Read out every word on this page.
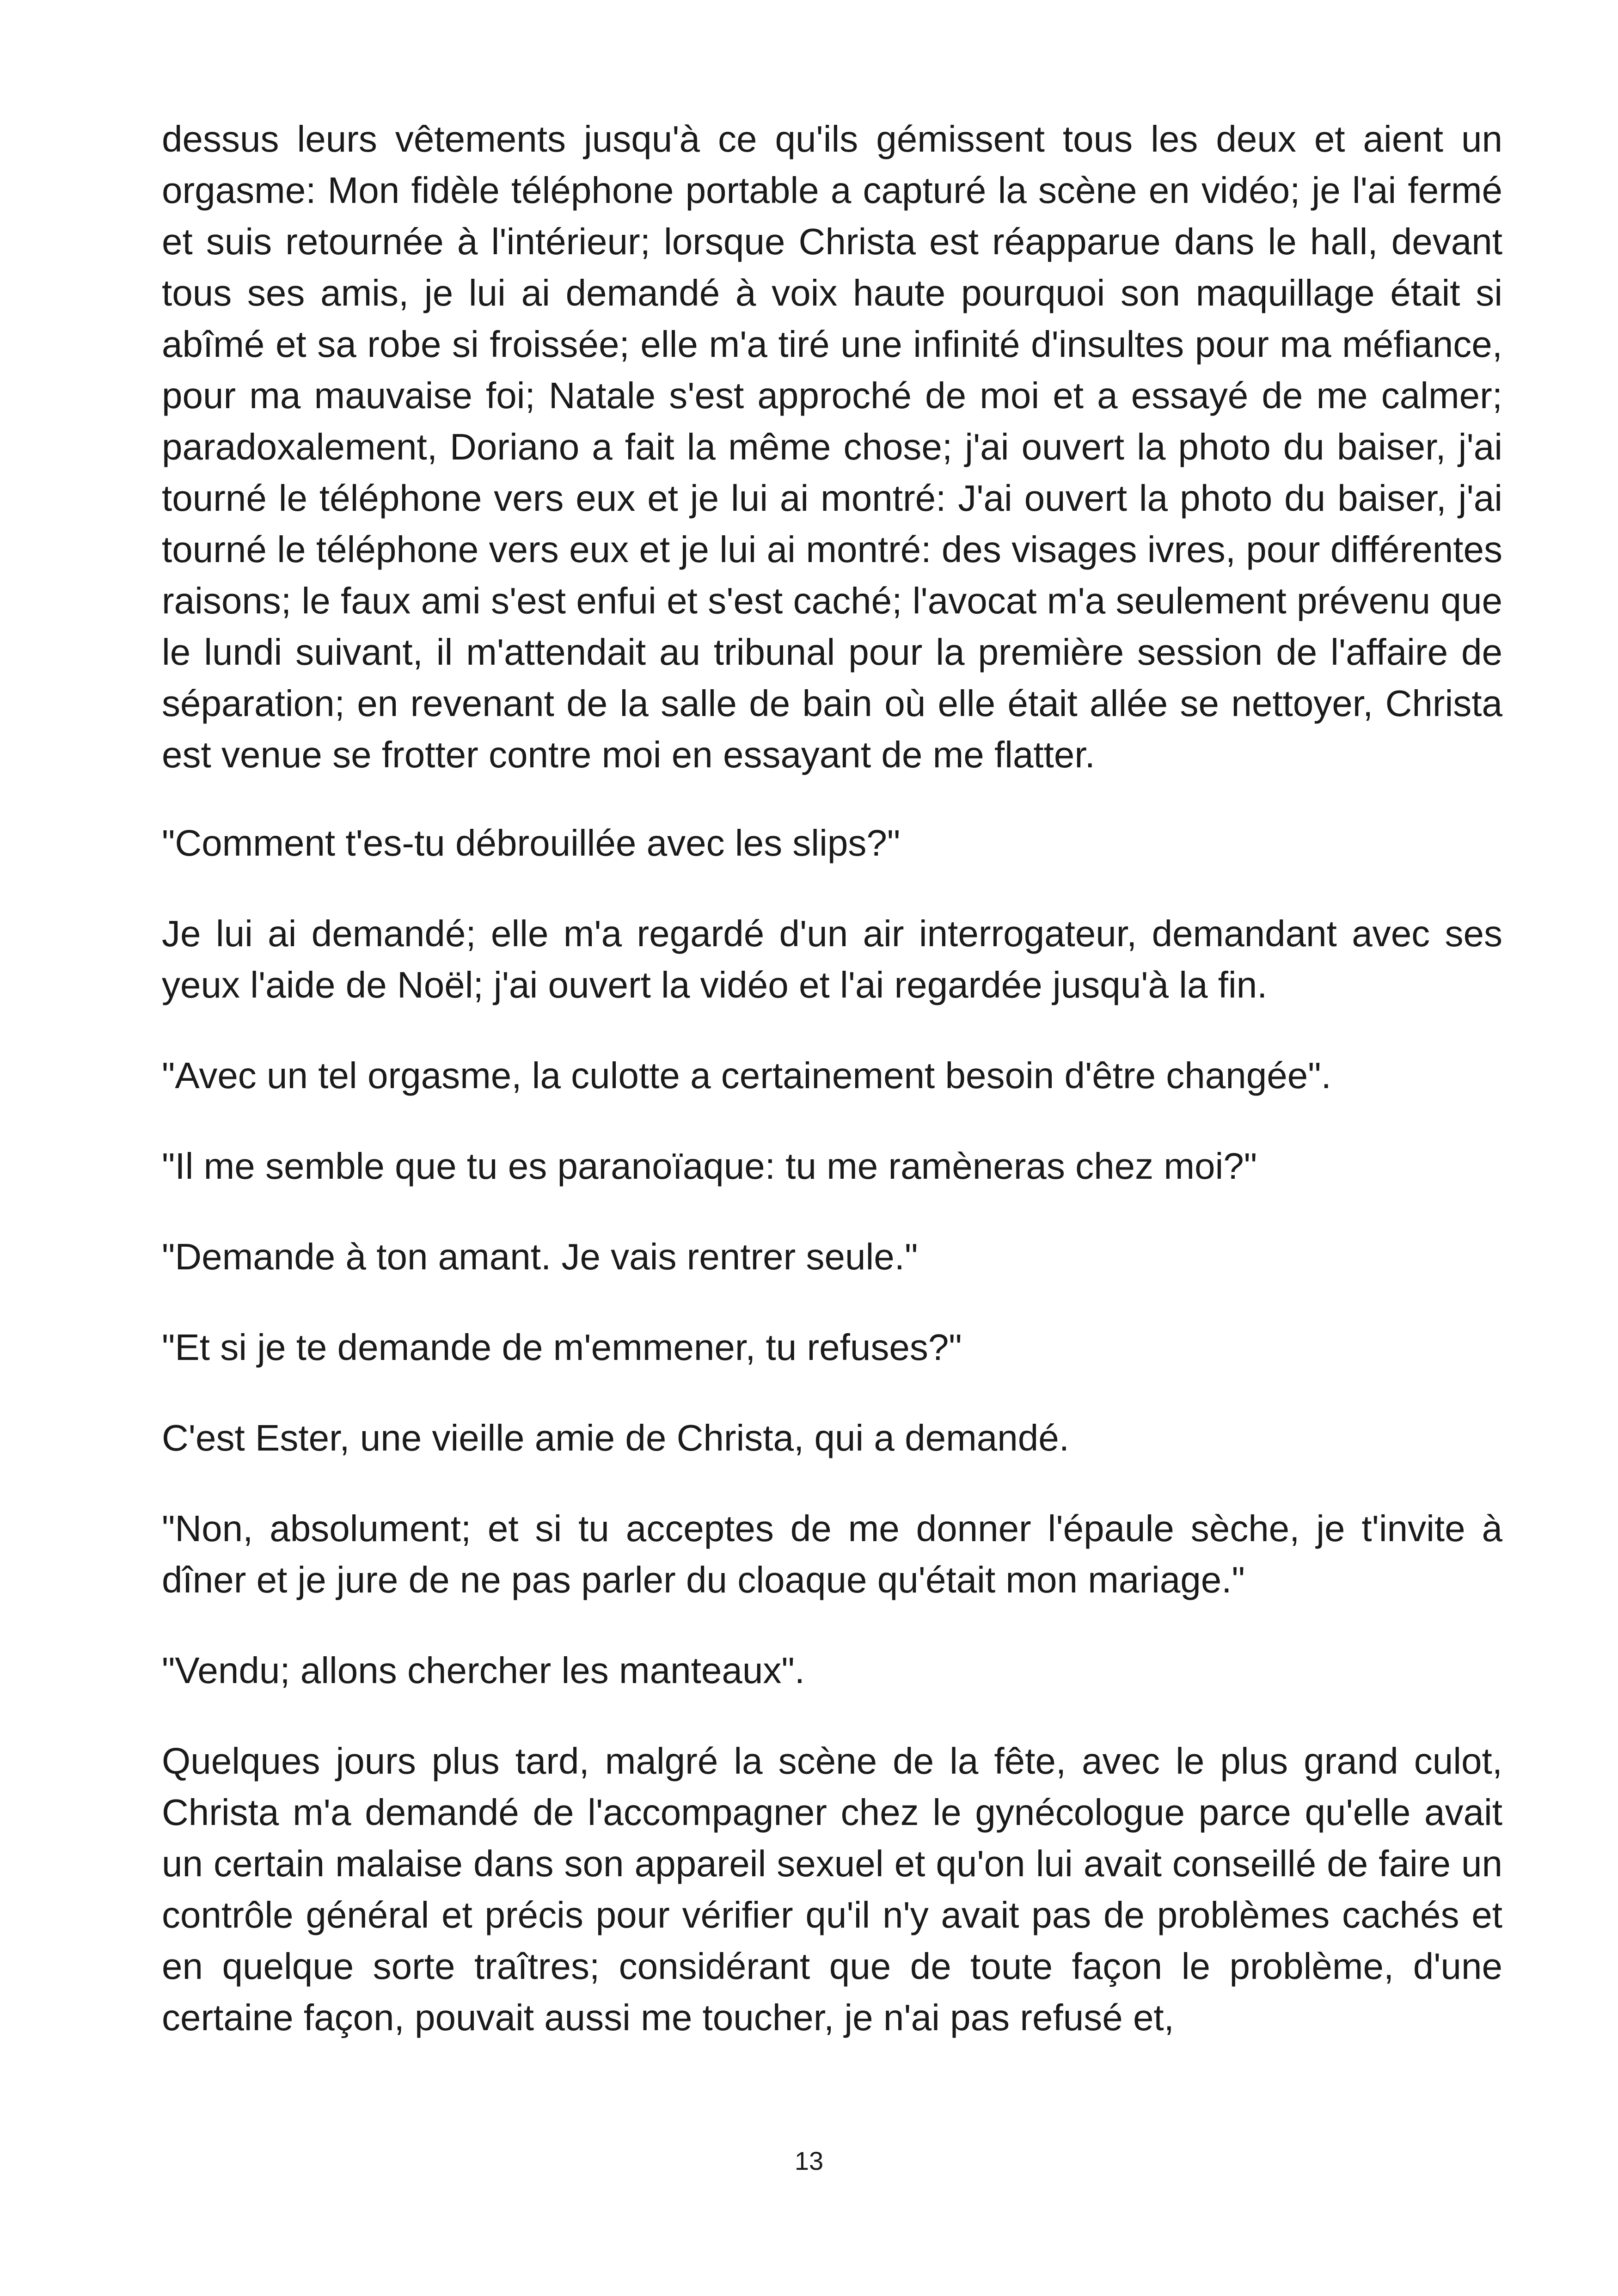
dessus leurs vêtements jusqu'à ce qu'ils gémissent tous les deux et aient un orgasme: Mon fidèle téléphone portable a capturé la scène en vidéo; je l'ai fermé et suis retournée à l'intérieur; lorsque Christa est réapparue dans le hall, devant tous ses amis, je lui ai demandé à voix haute pourquoi son maquillage était si abîmé et sa robe si froissée; elle m'a tiré une infinité d'insultes pour ma méfiance, pour ma mauvaise foi; Natale s'est approché de moi et a essayé de me calmer; paradoxalement, Doriano a fait la même chose; j'ai ouvert la photo du baiser, j'ai tourné le téléphone vers eux et je lui ai montré: J'ai ouvert la photo du baiser, j'ai tourné le téléphone vers eux et je lui ai montré: des visages ivres, pour différentes raisons; le faux ami s'est enfui et s'est caché; l'avocat m'a seulement prévenu que le lundi suivant, il m'attendait au tribunal pour la première session de l'affaire de séparation; en revenant de la salle de bain où elle était allée se nettoyer, Christa est venue se frotter contre moi en essayant de me flatter.

"Comment t'es-tu débrouillée avec les slips?"

Je lui ai demandé; elle m'a regardé d'un air interrogateur, demandant avec ses yeux l'aide de Noël; j'ai ouvert la vidéo et l'ai regardée jusqu'à la fin.

"Avec un tel orgasme, la culotte a certainement besoin d'être changée".

"Il me semble que tu es paranoïaque: tu me ramèneras chez moi?"

"Demande à ton amant. Je vais rentrer seule."

"Et si je te demande de m'emmener, tu refuses?"

C'est Ester, une vieille amie de Christa, qui a demandé.

"Non, absolument; et si tu acceptes de me donner l'épaule sèche, je t'invite à dîner et je jure de ne pas parler du cloaque qu'était mon mariage."

"Vendu; allons chercher les manteaux".

Quelques jours plus tard, malgré la scène de la fête, avec le plus grand culot, Christa m'a demandé de l'accompagner chez le gynécologue parce qu'elle avait un certain malaise dans son appareil sexuel et qu'on lui avait conseillé de faire un contrôle général et précis pour vérifier qu'il n'y avait pas de problèmes cachés et en quelque sorte traîtres; considérant que de toute façon le problème, d'une certaine façon, pouvait aussi me toucher, je n'ai pas refusé et,

13
